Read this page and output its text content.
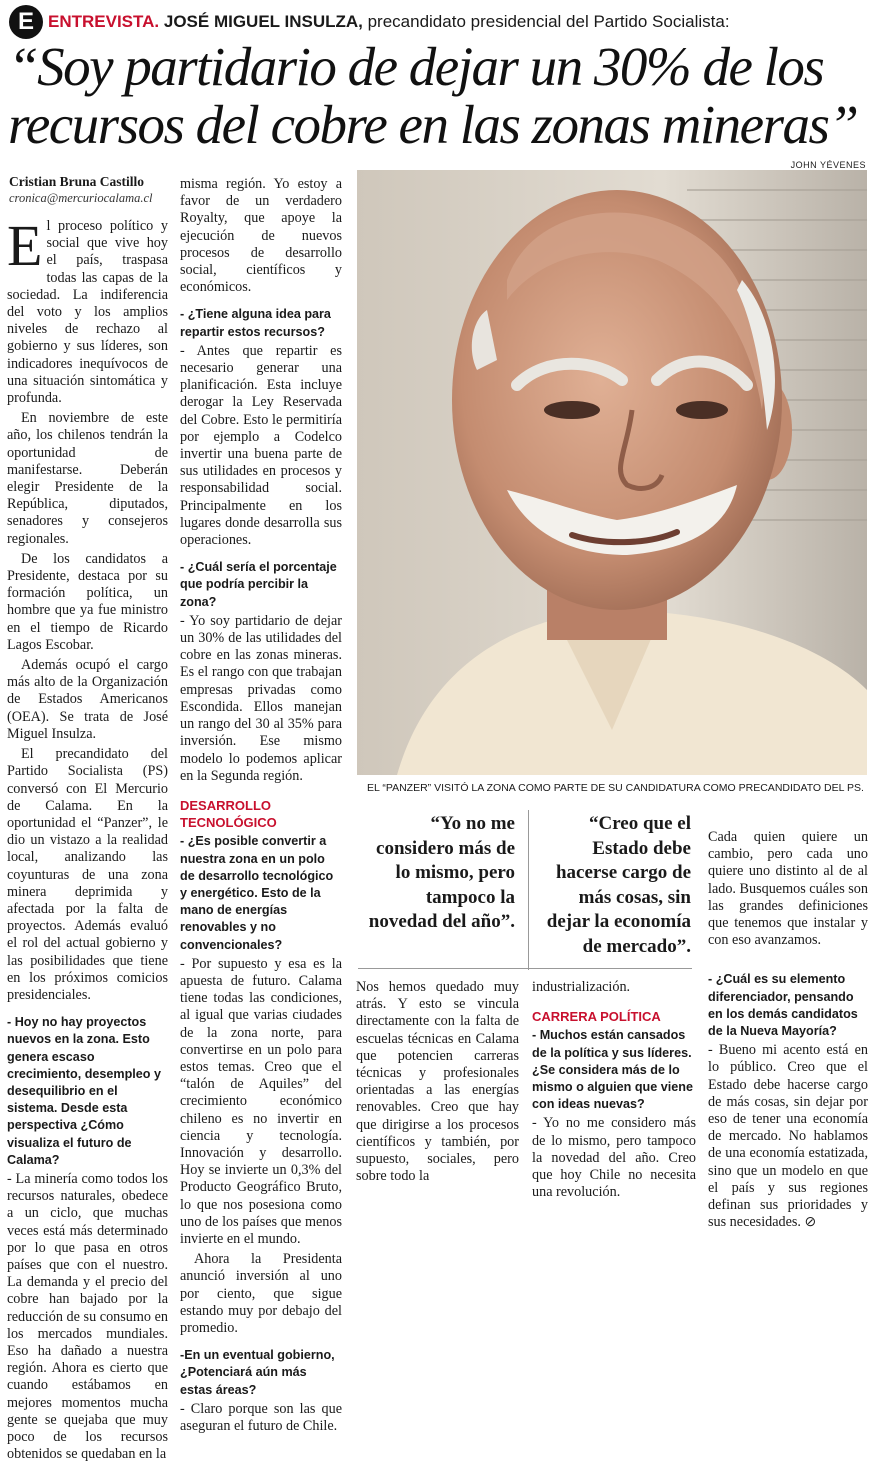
E ENTREVISTA. JOSÉ MIGUEL INSULZA, precandidato presidencial del Partido Socialista:
“Soy partidario de dejar un 30% de los recursos del cobre en las zonas mineras”
Cristian Bruna Castillo
cronica@mercuriocalama.cl

El proceso político y social que vive hoy el país, traspasa todas las capas de la sociedad. La indiferencia del voto y los amplios niveles de rechazo al gobierno y sus líderes, son indicadores inequívocos de una situación sintomática y profunda.

En noviembre de este año, los chilenos tendrán la oportunidad de manifestarse. Deberán elegir Presidente de la República, diputados, senadores y consejeros regionales.

De los candidatos a Presidente, destaca por su formación política, un hombre que ya fue ministro en el tiempo de Ricardo Lagos Escobar.

Además ocupó el cargo más alto de la Organización de Estados Americanos (OEA). Se trata de José Miguel Insulza.

El precandidato del Partido Socialista (PS) conversó con El Mercurio de Calama. En la oportunidad el “Panzer”, le dio un vistazo a la realidad local, analizando las coyunturas de una zona minera deprimida y afectada por la falta de proyectos. Además evaluó el rol del actual gobierno y las posibilidades que tiene en los próximos comicios presidenciales.

- Hoy no hay proyectos nuevos en la zona. Esto genera escaso crecimiento, desempleo y desequilibrio en el sistema. Desde esta perspectiva ¿Cómo visualiza el futuro de Calama?

- La minería como todos los recursos naturales, obedece a un ciclo, que muchas veces está más determinado por lo que pasa en otros países que con el nuestro. La demanda y el precio del cobre han bajado por la reducción de su consumo en los mercados mundiales. Eso ha dañado a nuestra región. Ahora es cierto que cuando estábamos en mejores momentos mucha gente se quejaba que muy poco de los recursos obtenidos se quedaban en la

misma región. Yo estoy a favor de un verdadero Royalty, que apoye la ejecución de nuevos procesos de desarrollo social, científicos y económicos.

- ¿Tiene alguna idea para repartir estos recursos?

- Antes que repartir es necesario generar una planificación. Esta incluye derogar la Ley Reservada del Cobre. Esto le permitiría por ejemplo a Codelco invertir una buena parte de sus utilidades en procesos y responsabilidad social. Principalmente en los lugares donde desarrolla sus operaciones.

- ¿Cuál sería el porcentaje que podría percibir la zona?

- Yo soy partidario de dejar un 30% de las utilidades del cobre en las zonas mineras. Es el rango con que trabajan empresas privadas como Escondida. Ellos manejan un rango del 30 al 35% para inversión. Ese mismo modelo lo podemos aplicar en la Segunda región.

DESARROLLO TECNOLÓGICO

- ¿Es posible convertir a nuestra zona en un polo de desarrollo tecnológico y energético. Esto de la mano de energías renovables y no convencionales?

- Por supuesto y esa es la apuesta de futuro. Calama tiene todas las condiciones, al igual que varias ciudades de la zona norte, para convertirse en un polo para estos temas. Creo que el “talón de Aquiles” del crecimiento económico chileno es no invertir en ciencia y tecnología. Innovación y desarrollo. Hoy se invierte un 0,3% del Producto Geográfico Bruto, lo que nos posesiona como uno de los países que menos invierte en el mundo.

Ahora la Presidenta anunció inversión al uno por ciento, que sigue estando muy por debajo del promedio.

-En un eventual gobierno, ¿Potenciará aún más estas áreas?

- Claro porque son las que aseguran el futuro de Chile.

JOHN YÉVENES
EL “PANZER” VISITÓ LA ZONA COMO PARTE DE SU CANDIDATURA COMO PRECANDIDATO DEL PS.
“Yo no me considero más de lo mismo, pero tampoco la novedad del año”.
“Creo que el Estado debe hacerse cargo de más cosas, sin dejar la economía de mercado”.

Nos hemos quedado muy atrás. Y esto se vincula directamente con la falta de escuelas técnicas en Calama que potencien carreras técnicas y profesionales orientadas a las energías renovables. Creo que hay que dirigirse a los procesos científicos y también, por supuesto, sociales, pero sobre todo la

industrialización.

CARRERA POLÍTICA

- Muchos están cansados de la política y sus líderes. ¿Se considera más de lo mismo o alguien que viene con ideas nuevas?

- Yo no me considero más de lo mismo, pero tampoco la novedad del año. Creo que hoy Chile no necesita una revolución.

Cada quien quiere un cambio, pero cada uno quiere uno distinto al de al lado. Busquemos cuáles son las grandes definiciones que tenemos que instalar y con eso avanzamos.

- ¿Cuál es su elemento diferenciador, pensando en los demás candidatos de la Nueva Mayoría?

- Bueno mi acento está en lo público. Creo que el Estado debe hacerse cargo de más cosas, sin dejar por eso de tener una economía de mercado. No hablamos de una economía estatizada, sino que un modelo en que el país y sus regiones definan sus prioridades y sus necesidades. ⊘
